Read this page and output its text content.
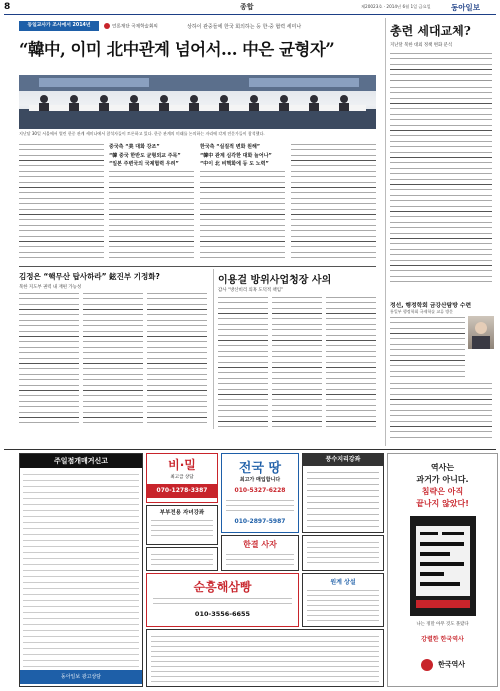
8	종합	제20023호 · 2014년 6월 1일 금요일	동아일보
동일교사가 조사에서 2014년	언론재단 국제학술회의	상하이 관중들에 한국 회의하는 등 한·중 협력 세미나
“韓中, 이미 北中관계 넘어서… 中은 균형자”
지난달 30일 서울에서 열린 한중 관계 세미나에서 참석자들이 토론하고 있다. 한중 관계의 미래를 논의하는 자리에 각계 전문가들이 참석했다.
중국측 “美 대화 강조”
“韓 중국 한반도 균형외교 주목”
“일본 주변국의 국제협력 우려”
한국측 “실질적 변화 원해”
“韓中 관계 심각한 대화 늘어나”
“中이 北 비핵화에 등 도 노력”
총련 세대교체?
지난달 북한 대외 정책 변화 분석
정선, 행정학회 금강산탐방 수련
통일부 행정학회 국제학술 교류 방문
김정은 “핵무산 탑사하라” 鉉진부 기정화?
북한 지도부 권력 내 재편 가능성
이용걸 방위사업청장 사의
감사 “방산비리 의혹 도덕적 책임”
주일점개매거신고
동아일보 광고상담
비·밀
최고급 상담
070-1278-3387
전국 땅
최고가 매입합니다
010-5327-6228
010-2897-5987
풍수지리강좌
부부전용 자녀강좌
한결 사자
순흥해삼빵
010-3556-6655
원계 상설
역사는
과거가 아니다.
침략은 아직
끝나지 않았다!
나는 정말 아무 것도 몰랐다
강렬한 한국역사
한국역사
